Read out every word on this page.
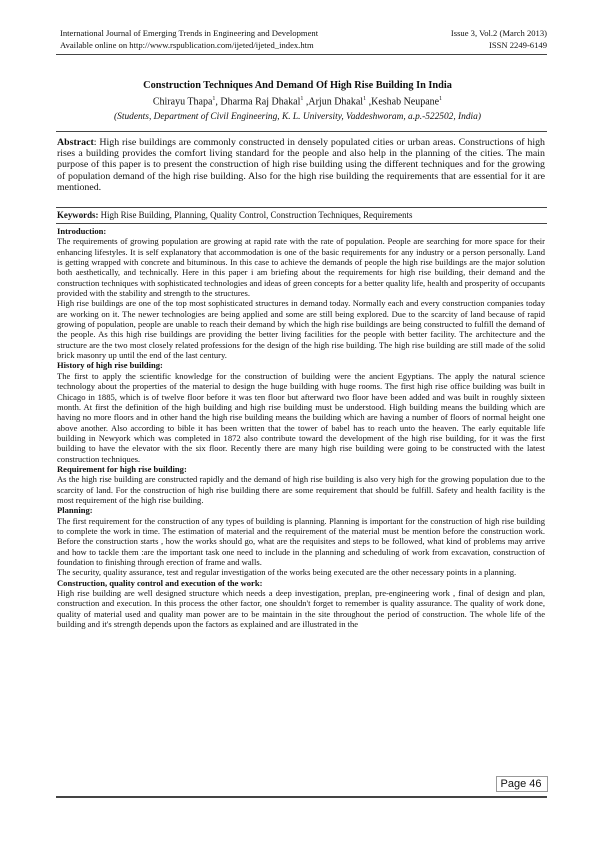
International Journal of Emerging Trends in Engineering and Development	Issue 3, Vol.2 (March 2013)
Available online on http://www.rspublication.com/ijeted/ijeted_index.htm	ISSN 2249-6149
Construction Techniques And Demand Of High Rise Building In India
Chirayu Thapa$^1$, Dharma Raj Dhakal$^1$ ,Arjun Dhakal$^1$ ,Keshab Neupane$^1$
(Students, Department of Civil Engineering, K. L. University, Vaddeshworam, a.p.-522502, India)
Abstract: High rise buildings are commonly constructed in densely populated cities or urban areas. Constructions of high rises a building provides the comfort living standard for the people and also help in the planning of the cities. The main purpose of this paper is to present the construction of high rise building using the different techniques and for the growing of population demand of the high rise building. Also for the high rise building the requirements that are essential for it are mentioned.
Keywords: High Rise Building, Planning, Quality Control, Construction Techniques, Requirements
Introduction:

The requirements of growing population are growing at rapid rate with the rate of population. People are searching for more space for their enhancing lifestyles. It is self explanatory that accommodation is one of the basic requirements for any industry or a person personally. Land is getting wrapped with concrete and bituminous. In this case to achieve the demands of people the high rise buildings are the major solution both aesthetically, and technically. Here in this paper i am briefing about the requirements for high rise building, their demand and the construction techniques with sophisticated technologies and ideas of green concepts for a better quality life, health and prosperity of occupants provided with the stability and strength to the structures.

High rise buildings are one of the top most sophisticated structures in demand today. Normally each and every construction companies today are working on it. The newer technologies are being applied and some are still being explored. Due to the scarcity of land because of rapid growing of population, people are unable to reach their demand by which the high rise buildings are being constructed to fulfill the demand of the people. As this high rise buildings are providing the better living facilities for the people with better facility. The architecture and the structure are the two most closely related professions for the design of the high rise building. The high rise building are still made of the solid brick masonry up until the end of the last century.

History of high rise building:

The first to apply the scientific knowledge for the construction of building were the ancient Egyptians. The apply the natural science technology about the properties of the material to design the huge building with huge rooms. The first high rise office building was built in Chicago in 1885, which is of twelve floor before it was ten floor but afterward two floor have been added and was built in roughly sixteen month. At first the definition of the high building and high rise building must be understood. High building means the building which are having no more floors and in other hand the high rise building means the building which are having a number of floors of normal height one above another. Also according to bible it has been written that the tower of babel has to reach unto the heaven. The early equitable life building in Newyork which was completed in 1872 also contribute toward the development of the high rise building, for it was the first building to have the elevator with the six floor. Recently there are many high rise building were going to be constructed with the latest construction techniques.

Requirement for high rise building:

As the high rise building are constructed rapidly and the demand of high rise building is also very high for the growing population due to the scarcity of land. For the construction of high rise building there are some requirement that should be fulfill. Safety and health facility is the most requirement of the high rise building.

Planning:

The first requirement for the construction of any types of building is planning. Planning is important for the construction of high rise building to complete the work in time. The estimation of material and the requirement of the material must be mention before the construction work. Before the construction starts , how the works should go, what are the requisites and steps to be followed, what kind of problems may arrive and how to tackle them :are the important task one need to include in the planning and scheduling of work from excavation, construction of foundation to finishing through erection of frame and walls.

The security, quality assurance, test and regular investigation of the works being executed are the other necessary points in a planning.

Construction, quality control and execution of the work:

High rise building are well designed structure which needs a deep investigation, preplan, pre-engineering work , final of design and plan, construction and execution. In this process the other factor, one shouldn't forget to remember is quality assurance. The quality of work done, quality of material used and quality man power are to be maintain in the site throughout the period of construction. The whole life of the building and it's strength depends upon the factors as explained and are illustrated in the

Page 46
